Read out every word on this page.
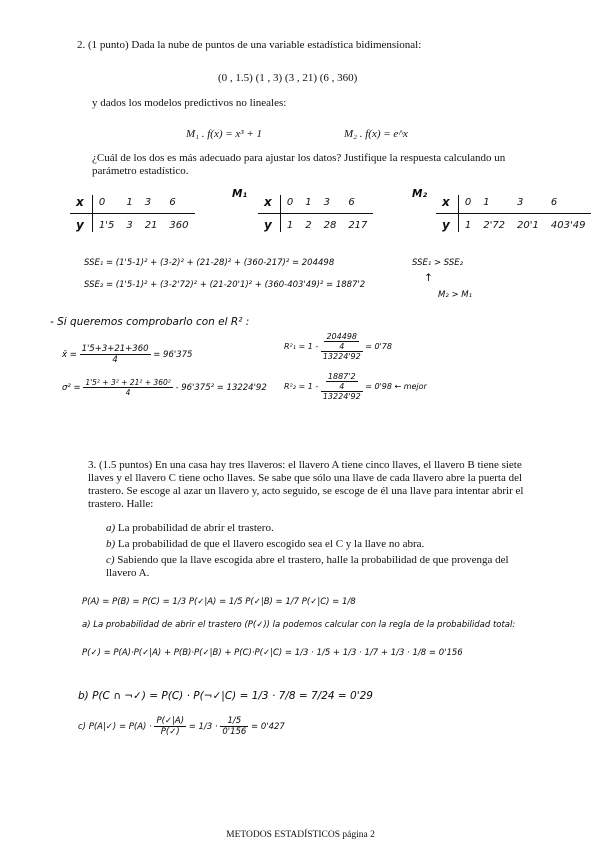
2. (1 punto) Dada la nube de puntos de una variable estadística bidimensional:
(0 , 1.5) (1 , 3) (3 , 21) (6 , 360)
y dados los modelos predictivos no lineales:
M₁ . f(x) = x³ + 1	M₂ . f(x) = e^x
¿Cuál de los dos es más adecuado para ajustar los datos? Justifique la respuesta calculando un parámetro estadístico.
x	0	1	3	6
y	1'5	3	21	360
M₁
x	0	1	3	6
y	1	2	28	217
M₂
x	0	1	3	6
y	1	2'72	20'1	403'49
SSE₁ = (1'5-1)² + (3-2)² + (21-28)² + (360-217)² = 204498
SSE₂ = (1'5-1)² + (3-2'72)² + (21-20'1)² + (360-403'49)² = 1887'2
SSE₁ > SSE₂
↑
M₂ > M₁
- Si queremos comprobarlo con el R² :
x̄ = $\frac{1'5+3+21+360}{4} = 96'375$
$\sigma^2 = \frac{\text{1'5² + 3² + 21² + 360²}}{4} - 96'375^2 = 13224'92$
$R^2_1 = 1 - \frac{\frac{204498}{4}}{13224'92} = 0'78$
$R^2_2 = 1 - \frac{\frac{1887'2}{4}}{13224'92} = 0'98$ ← mejor
3. (1.5 puntos) En una casa hay tres llaveros: el llavero A tiene cinco llaves, el llavero B tiene siete llaves y el llavero C tiene ocho llaves. Se sabe que sólo una llave de cada llavero abre la puerta del trastero. Se escoge al azar un llavero y, acto seguido, se escoge de él una llave para intentar abrir el trastero. Halle:
a) La probabilidad de abrir el trastero.
b) La probabilidad de que el llavero escogido sea el C y la llave no abra.
c) Sabiendo que la llave escogida abre el trastero, halle la probabilidad de que provenga del llavero A.
P(A) = P(B) = P(C) = 1/3 P(✓|A) = 1/5 P(✓|B) = 1/7 P(✓|C) = 1/8
a) La probabilidad de abrir el trastero (P(✓)) la podemos calcular con la regla de la probabilidad total:
P(✓) = P(A)·P(✓|A) + P(B)·P(✓|B) + P(C)·P(✓|C) = 1/3 · 1/5 + 1/3 · 1/7 + 1/3 · 1/8 = 0'156
b) P(C ∩ ¬✓) = P(C) · P(¬✓|C) = 1/3 · 7/8 = 7/24 = 0'29
c) P(A|✓) = $P(A) \cdot \frac{P(✓|A)}{P(✓)} = 1/3 \cdot \frac{1/5}{0'156} = 0'427$
METODOS ESTADÍSTICOS página 2
